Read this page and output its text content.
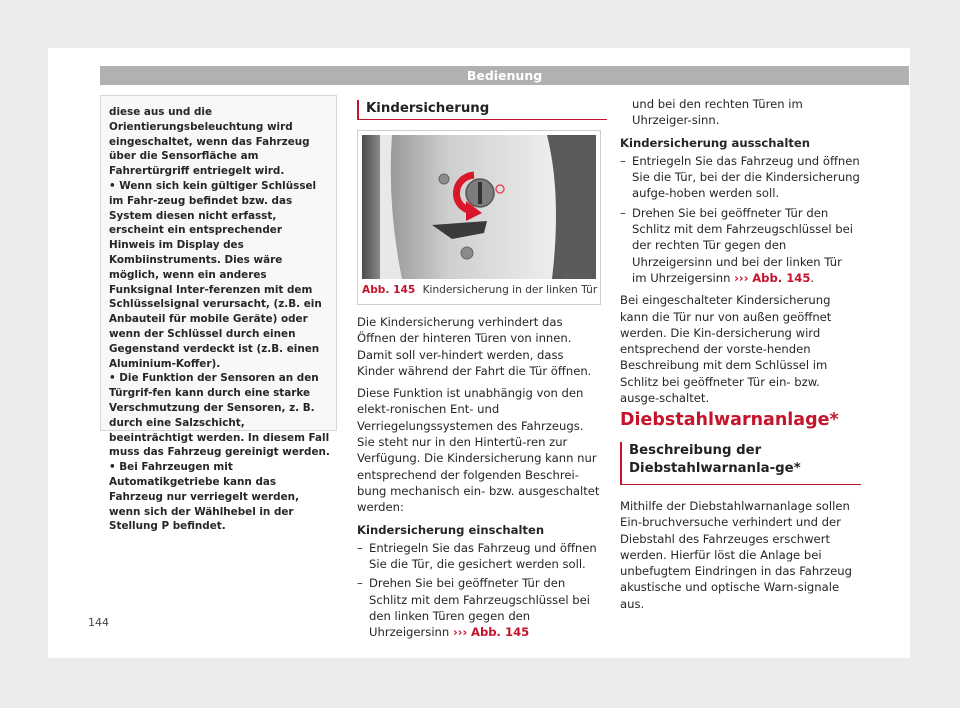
Bedienung

diese aus und die Orientierungsbeleuchtung wird eingeschaltet, wenn das Fahrzeug über die Sensorfläche am Fahrertürgriff entriegelt wird.

• Wenn sich kein gültiger Schlüssel im Fahr-zeug befindet bzw. das System diesen nicht erfasst, erscheint ein entsprechender Hinweis im Display des Kombiinstruments. Dies wäre möglich, wenn ein anderes Funksignal Inter-ferenzen mit dem Schlüsselsignal verursacht, (z.B. ein Anbauteil für mobile Geräte) oder wenn der Schlüssel durch einen Gegenstand verdeckt ist (z.B. einen Aluminium-Koffer).

• Die Funktion der Sensoren an den Türgrif-fen kann durch eine starke Verschmutzung der Sensoren, z. B. durch eine Salzschicht, beeinträchtigt werden. In diesem Fall muss das Fahrzeug gereinigt werden.

• Bei Fahrzeugen mit Automatikgetriebe kann das Fahrzeug nur verriegelt werden, wenn sich der Wählhebel in der Stellung P befindet.

Kindersicherung
B6J-0338
Abb. 145 Kindersicherung in der linken Tür

Die Kindersicherung verhindert das Öffnen der hinteren Türen von innen. Damit soll ver-hindert werden, dass Kinder während der Fahrt die Tür öffnen.

Diese Funktion ist unabhängig von den elekt-ronischen Ent- und Verriegelungssystemen des Fahrzeugs. Sie steht nur in den Hintertü-ren zur Verfügung. Die Kindersicherung kann nur entsprechend der folgenden Beschrei-bung mechanisch ein- bzw. ausgeschaltet werden:

Kindersicherung einschalten

– Entriegeln Sie das Fahrzeug und öffnen Sie die Tür, die gesichert werden soll.

– Drehen Sie bei geöffneter Tür den Schlitz mit dem Fahrzeugschlüssel bei den linken Türen gegen den Uhrzeigersinn ››› Abb. 145

und bei den rechten Türen im Uhrzeiger-sinn.

Kindersicherung ausschalten

– Entriegeln Sie das Fahrzeug und öffnen Sie die Tür, bei der die Kindersicherung aufge-hoben werden soll.

– Drehen Sie bei geöffneter Tür den Schlitz mit dem Fahrzeugschlüssel bei der rechten Tür gegen den Uhrzeigersinn und bei der linken Tür im Uhrzeigersinn ››› Abb. 145.

Bei eingeschalteter Kindersicherung kann die Tür nur von außen geöffnet werden. Die Kin-dersicherung wird entsprechend der vorste-henden Beschreibung mit dem Schlüssel im Schlitz bei geöffneter Tür ein- bzw. ausge-schaltet.

Diebstahlwarnanlage*
Beschreibung der Diebstahlwarnanla-ge*

Mithilfe der Diebstahlwarnanlage sollen Ein-bruchversuche verhindert und der Diebstahl des Fahrzeuges erschwert werden. Hierfür löst die Anlage bei unbefugtem Eindringen in das Fahrzeug akustische und optische Warn-signale aus.

144
